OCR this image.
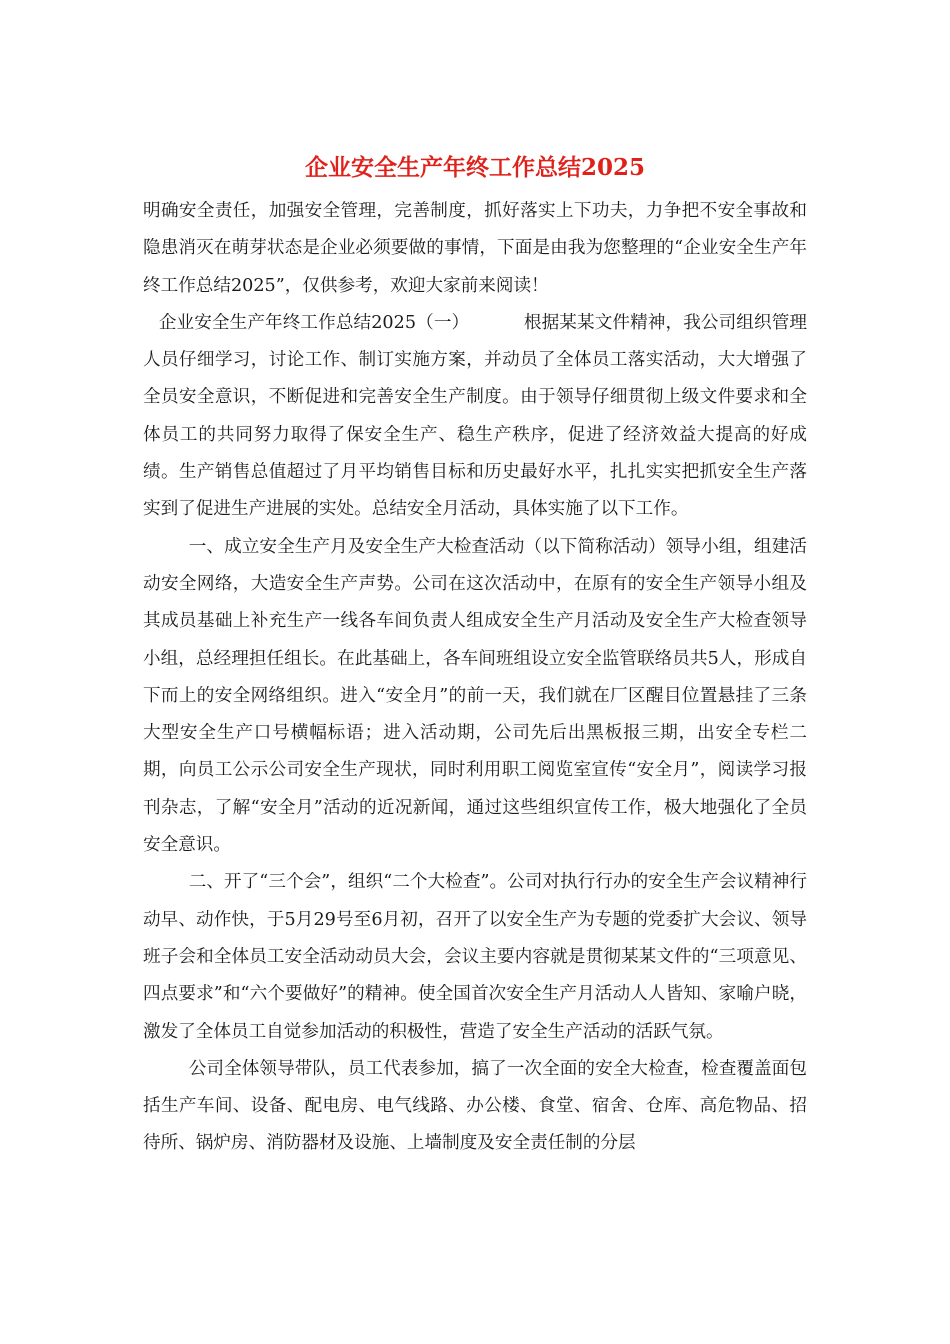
企业安全生产年终工作总结2025

明确安全责任，加强安全管理，完善制度，抓好落实上下功夫，力争把不安全事故和隐患消灭在萌芽状态是企业必须要做的事情，下面是由我为您整理的“企业安全生产年终工作总结2025”，仅供参考，欢迎大家前来阅读！

企业安全生产年终工作总结2025（一）	根据某某文件精神，我公司组织管理人员仔细学习，讨论工作、制订实施方案，并动员了全体员工落实活动，大大增强了全员安全意识，不断促进和完善安全生产制度。由于领导仔细贯彻上级文件要求和全体员工的共同努力取得了保安全生产、稳生产秩序，促进了经济效益大提高的好成绩。生产销售总值超过了月平均销售目标和历史最好水平，扎扎实实把抓安全生产落实到了促进生产进展的实处。总结安全月活动，具体实施了以下工作。

一、成立安全生产月及安全生产大检查活动（以下简称活动）领导小组，组建活动安全网络，大造安全生产声势。公司在这次活动中，在原有的安全生产领导小组及其成员基础上补充生产一线各车间负责人组成安全生产月活动及安全生产大检查领导小组，总经理担任组长。在此基础上，各车间班组设立安全监管联络员共5人，形成自下而上的安全网络组织。进入“安全月”的前一天，我们就在厂区醒目位置悬挂了三条大型安全生产口号横幅标语；进入活动期，公司先后出黑板报三期，出安全专栏二期，向员工公示公司安全生产现状，同时利用职工阅览室宣传“安全月”，阅读学习报刊杂志，了解“安全月”活动的近况新闻，通过这些组织宣传工作，极大地强化了全员安全意识。

二、开了“三个会”，组织“二个大检查”。公司对执行行办的安全生产会议精神行动早、动作快，于5月29号至6月初，召开了以安全生产为专题的党委扩大会议、领导班子会和全体员工安全活动动员大会，会议主要内容就是贯彻某某文件的“三项意见、四点要求”和“六个要做好”的精神。使全国首次安全生产月活动人人皆知、家喻户晓，激发了全体员工自觉参加活动的积极性，营造了安全生产活动的活跃气氛。

公司全体领导带队，员工代表参加，搞了一次全面的安全大检查，检查覆盖面包括生产车间、设备、配电房、电气线路、办公楼、食堂、宿舍、仓库、高危物品、招待所、锅炉房、消防器材及设施、上墙制度及安全责任制的分层
